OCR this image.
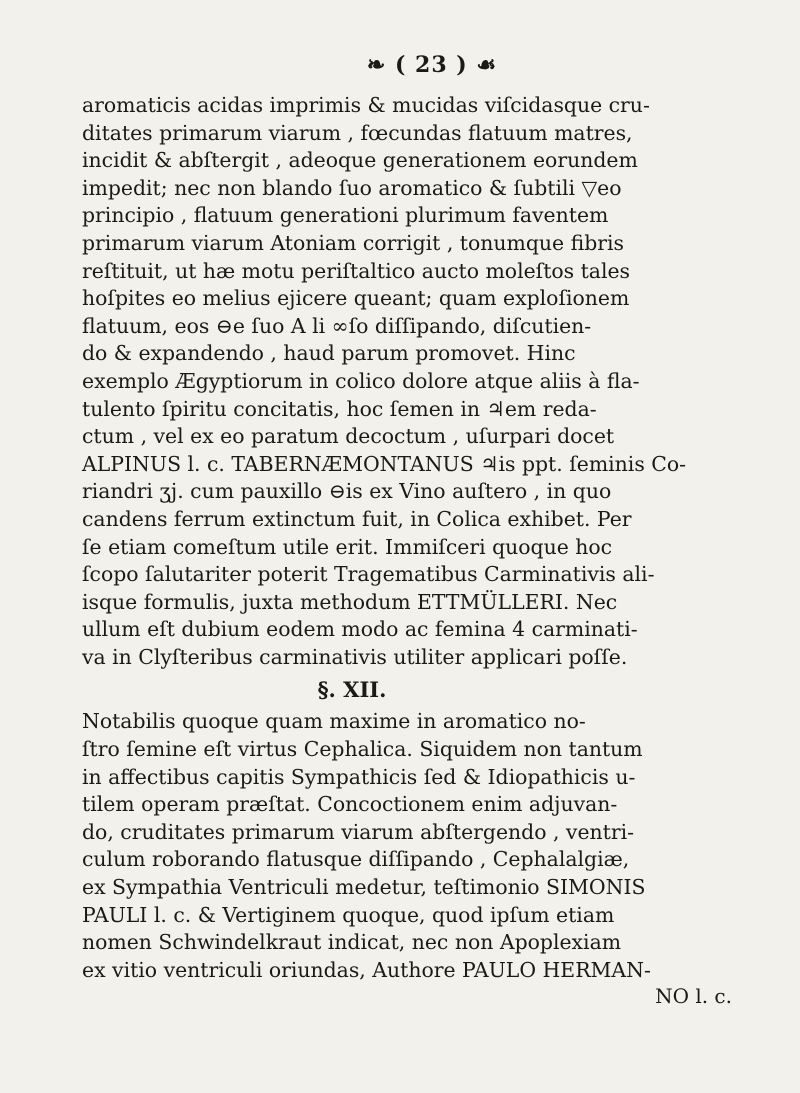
❧ ( 23 ) ☙

aromaticis acidas imprimis & mucidas viſcidasque cru-
ditates primarum viarum , fœcundas flatuum matres,
incidit & abſtergit , adeoque generationem eorundem
impedit; nec non blando ſuo aromatico & ſubtili ▽eo
principio , flatuum generationi plurimum faventem
primarum viarum Atoniam corrigit , tonumque fibris
reſtituit, ut hæ motu periſtaltico aucto moleſtos tales
hoſpites eo melius ejicere queant; quam exploſionem
flatuum, eos ⊖e ſuo A li ∞ſo diſſipando, diſcutien-
do & expandendo , haud parum promovet. Hinc
exemplo Ægyptiorum in colico dolore atque aliis à fla-
tulento ſpiritu concitatis, hoc ſemen in ♃em reda-
ctum , vel ex eo paratum decoctum , uſurpari docet
ALPINUS l. c. TABERNÆMONTANUS ♃is ppt. ſeminis Co-
riandri ʒj. cum pauxillo ⊖is ex Vino auſtero , in quo
candens ferrum extinctum fuit, in Colica exhibet. Per
ſe etiam comeſtum utile erit. Immiſceri quoque hoc
ſcopo ſalutariter poterit Tragematibus Carminativis ali-
isque formulis, juxta methodum ETTMÜLLERI. Nec
ullum eſt dubium eodem modo ac femina 4 carminati-
va in Clyſteribus carminativis utiliter applicari poſſe.

§. XII.

Notabilis quoque quam maxime in aromatico no-
ſtro ſemine eſt virtus Cephalica. Siquidem non tantum
in affectibus capitis Sympathicis ſed & Idiopathicis u-
tilem operam præſtat. Concoctionem enim adjuvan-
do, cruditates primarum viarum abſtergendo , ventri-
culum roborando flatusque diſſipando , Cephalalgiæ,
ex Sympathia Ventriculi medetur, teſtimonio SIMONIS
PAULI l. c. & Vertiginem quoque, quod ipſum etiam
nomen Schwindelkraut indicat, nec non Apoplexiam
ex vitio ventriculi oriundas, Authore PAULO HERMAN-

NO l. c.
